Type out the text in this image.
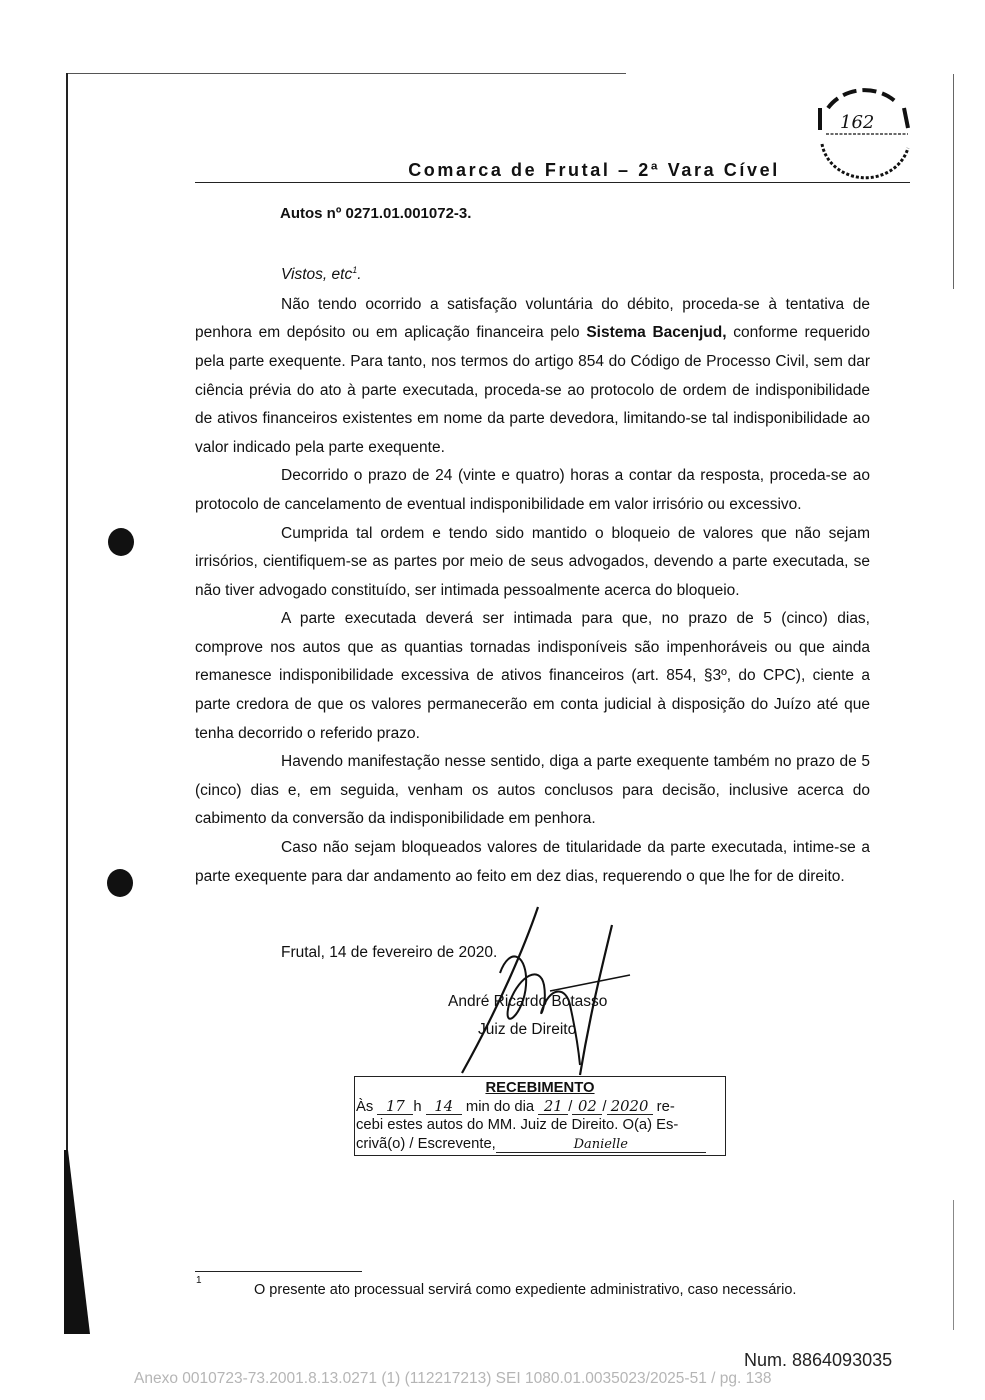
162
Comarca de Frutal – 2ª Vara Cível
Autos nº 0271.01.001072-3.

Vistos, etc$^1$.

Não tendo ocorrido a satisfação voluntária do débito, proceda-se à tentativa de penhora em depósito ou em aplicação financeira pelo Sistema Bacenjud, conforme requerido pela parte exequente. Para tanto, nos termos do artigo 854 do Código de Processo Civil, sem dar ciência prévia do ato à parte executada, proceda-se ao protocolo de ordem de indisponibilidade de ativos financeiros existentes em nome da parte devedora, limitando-se tal indisponibilidade ao valor indicado pela parte exequente.

Decorrido o prazo de 24 (vinte e quatro) horas a contar da resposta, proceda-se ao protocolo de cancelamento de eventual indisponibilidade em valor irrisório ou excessivo.

Cumprida tal ordem e tendo sido mantido o bloqueio de valores que não sejam irrisórios, cientifiquem-se as partes por meio de seus advogados, devendo a parte executada, se não tiver advogado constituído, ser intimada pessoalmente acerca do bloqueio.

A parte executada deverá ser intimada para que, no prazo de 5 (cinco) dias, comprove nos autos que as quantias tornadas indisponíveis são impenhoráveis ou que ainda remanesce indisponibilidade excessiva de ativos financeiros (art. 854, §3º, do CPC), ciente a parte credora de que os valores permanecerão em conta judicial à disposição do Juízo até que tenha decorrido o referido prazo.

Havendo manifestação nesse sentido, diga a parte exequente também no prazo de 5 (cinco) dias e, em seguida, venham os autos conclusos para decisão, inclusive acerca do cabimento da conversão da indisponibilidade em penhora.

Caso não sejam bloqueados valores de titularidade da parte executada, intime-se a parte exequente para dar andamento ao feito em dez dias, requerendo o que lhe for de direito.

Frutal, 14 de fevereiro de 2020.
André Ricardo Botasso
Juiz de Direito
RECEBIMENTO
Às 17 h 14 min do dia 21 / 02 / 2020 re-
cebi estes autos do MM. Juiz de Direito. O(a) Es-
crivã(o) / Escrevente,	Danielle
1
O presente ato processual servirá como expediente administrativo, caso necessário.
Num. 8864093035
Anexo 0010723-73.2001.8.13.0271 (1) (112217213) SEI 1080.01.0035023/2025-51 / pg. 138
